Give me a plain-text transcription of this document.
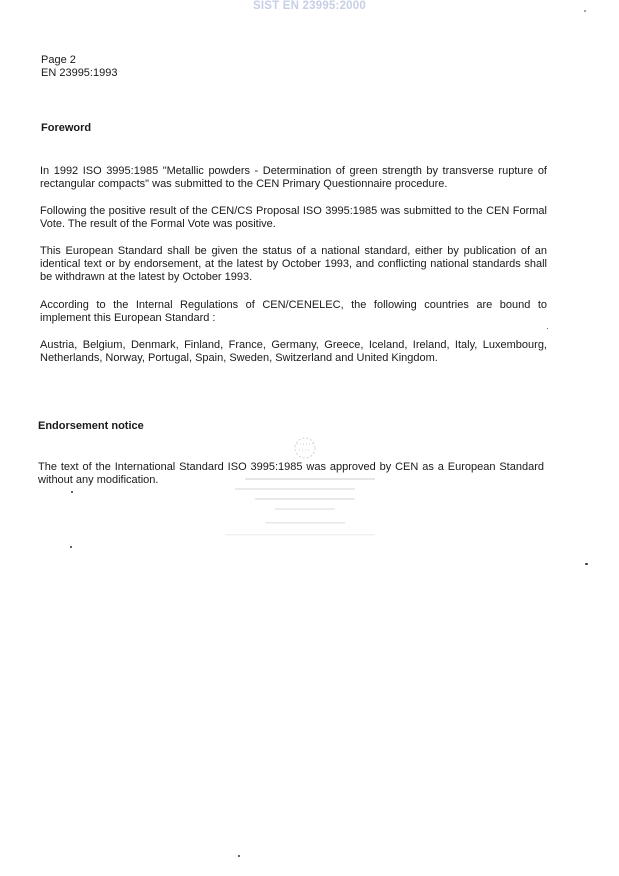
SIST EN 23995:2000
Page 2
EN 23995:1993
Foreword
In 1992 ISO 3995:1985 "Metallic powders - Determination of green strength by transverse rupture of rectangular compacts" was submitted to the CEN Primary Questionnaire procedure.
Following the positive result of the CEN/CS Proposal ISO 3995:1985 was submitted to the CEN Formal Vote. The result of the Formal Vote was positive.
This European Standard shall be given the status of a national standard, either by publication of an identical text or by endorsement, at the latest by October 1993, and conflicting national standards shall be withdrawn at the latest by October 1993.
According to the Internal Regulations of CEN/CENELEC, the following countries are bound to implement this European Standard :
Austria, Belgium, Denmark, Finland, France, Germany, Greece, Iceland, Ireland, Italy, Luxembourg, Netherlands, Norway, Portugal, Spain, Sweden, Switzerland and United Kingdom.
Endorsement notice
The text of the International Standard ISO 3995:1985 was approved by CEN as a European Standard without any modification.
